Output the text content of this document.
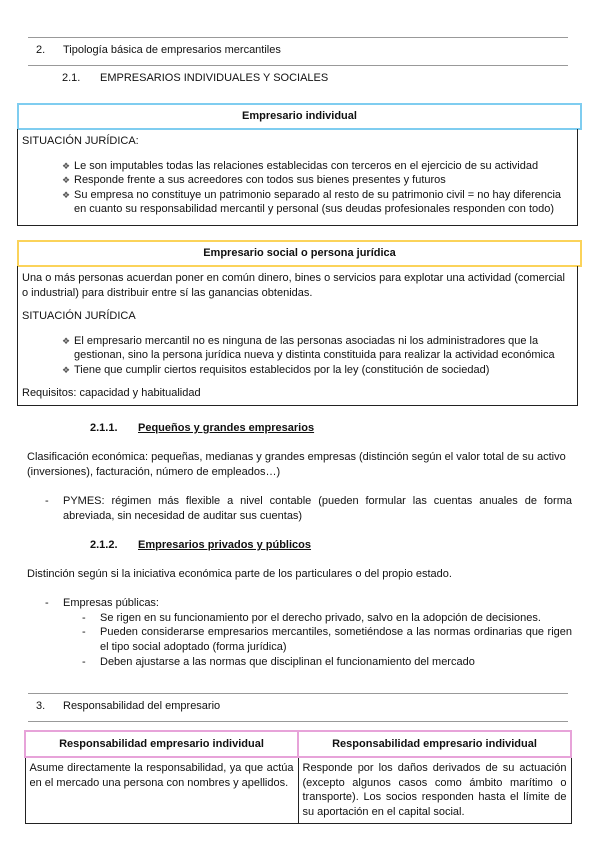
2. Tipología básica de empresarios mercantiles
2.1. EMPRESARIOS INDIVIDUALES Y SOCIALES
Empresario individual
SITUACIÓN JURÍDICA:
❖ Le son imputables todas las relaciones establecidas con terceros en el ejercicio de su actividad
❖ Responde frente a sus acreedores con todos sus bienes presentes y futuros
❖ Su empresa no constituye un patrimonio separado al resto de su patrimonio civil = no hay diferencia en cuanto su responsabilidad mercantil y personal (sus deudas profesionales responden con todo)
Empresario social o persona jurídica
Una o más personas acuerdan poner en común dinero, bines o servicios para explotar una actividad (comercial o industrial) para distribuir entre sí las ganancias obtenidas.
SITUACIÓN JURÍDICA
❖ El empresario mercantil no es ninguna de las personas asociadas ni los administradores que la gestionan, sino la persona jurídica nueva y distinta constituida para realizar la actividad económica
❖ Tiene que cumplir ciertos requisitos establecidos por la ley (constitución de sociedad)
Requisitos: capacidad y habitualidad
2.1.1. Pequeños y grandes empresarios
Clasificación económica: pequeñas, medianas y grandes empresas (distinción según el valor total de su activo (inversiones), facturación, número de empleados…)
- PYMES: régimen más flexible a nivel contable (pueden formular las cuentas anuales de forma abreviada, sin necesidad de auditar sus cuentas)
2.1.2. Empresarios privados y públicos
Distinción según si la iniciativa económica parte de los particulares o del propio estado.
- Empresas públicas:
- Se rigen en su funcionamiento por el derecho privado, salvo en la adopción de decisiones.
- Pueden considerarse empresarios mercantiles, sometiéndose a las normas ordinarias que rigen el tipo social adoptado (forma jurídica)
- Deben ajustarse a las normas que disciplinan el funcionamiento del mercado
3. Responsabilidad del empresario
Responsabilidad empresario individual	Responsabilidad empresario individual
Asume directamente la responsabilidad, ya que actúa en el mercado una persona con nombres y apellidos.	Responde por los daños derivados de su actuación (excepto algunos casos como ámbito marítimo o transporte). Los socios responden hasta el límite de su aportación en el capital social.
